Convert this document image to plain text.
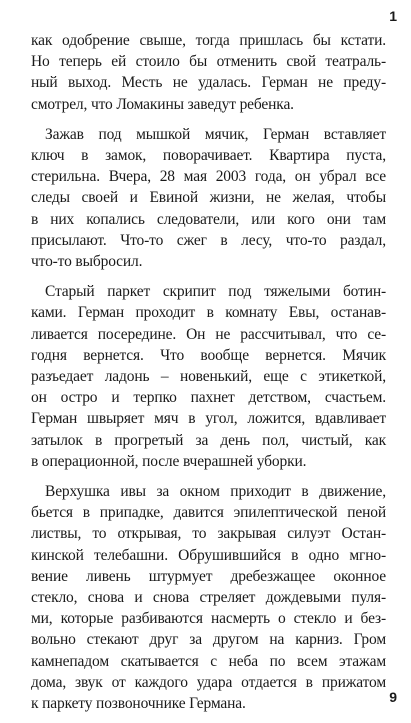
1
как одобрение свыше, тогда пришлась бы кстати.
Но теперь ей стоило бы отменить свой театраль-
ный выход. Месть не удалась. Герман не преду-
смотрел, что Ломакины заведут ребенка.
Зажав под мышкой мячик, Герман вставляет
ключ в замок, поворачивает. Квартира пуста,
стерильна. Вчера, 28 мая 2003 года, он убрал все
следы своей и Евиной жизни, не желая, чтобы
в них копались следователи, или кого они там
присылают. Что-то сжег в лесу, что-то раздал,
что-то выбросил.
Старый паркет скрипит под тяжелыми ботин-
ками. Герман проходит в комнату Евы, останав-
ливается посередине. Он не рассчитывал, что се-
годня вернется. Что вообще вернется. Мячик
разъедает ладонь – новенький, еще с этикеткой,
он остро и терпко пахнет детством, счастьем.
Герман швыряет мяч в угол, ложится, вдавливает
затылок в прогретый за день пол, чистый, как
в операционной, после вчерашней уборки.
Верхушка ивы за окном приходит в движение,
бьется в припадке, давится эпилептической пеной
листвы, то открывая, то закрывая силуэт Остан-
кинской телебашни. Обрушившийся в одно мгно-
вение ливень штурмует дребезжащее оконное
стекло, снова и снова стреляет дождевыми пуля-
ми, которые разбиваются насмерть о стекло и без-
вольно стекают друг за другом на карниз. Гром
камнепадом скатывается с неба по всем этажам
дома, звук от каждого удара отдается в прижатом
к паркету позвоночнике Германа.	9
